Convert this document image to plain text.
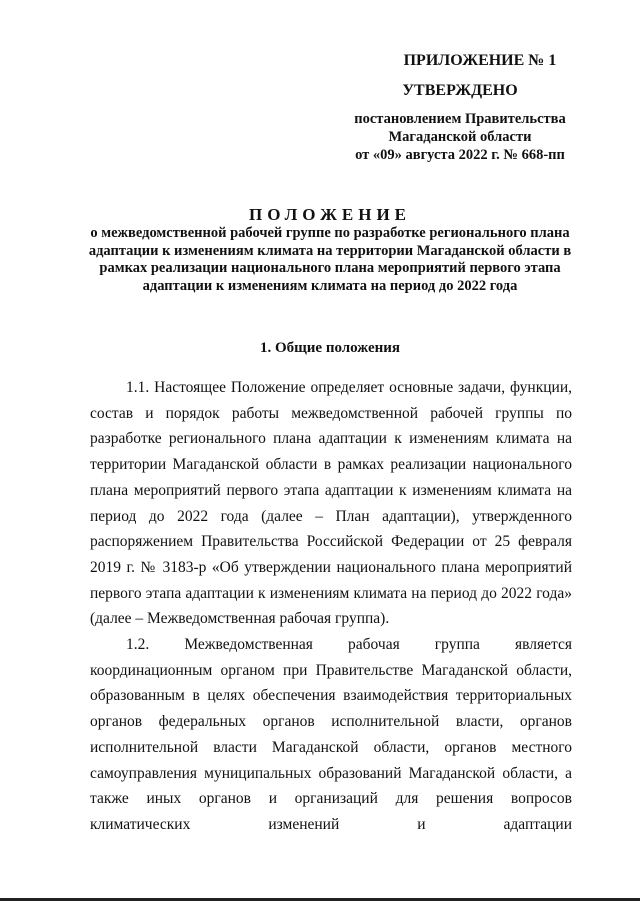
ПРИЛОЖЕНИЕ № 1
УТВЕРЖДЕНО
постановлением Правительства
Магаданской области
от «09» августа 2022 г. № 668-пп
ПОЛОЖЕНИЕ
о межведомственной рабочей группе по разработке регионального плана адаптации к изменениям климата на территории Магаданской области в рамках реализации национального плана мероприятий первого этапа адаптации к изменениям климата на период до 2022 года
1. Общие положения

1.1. Настоящее Положение определяет основные задачи, функции, состав и порядок работы межведомственной рабочей группы по разработке регионального плана адаптации к изменениям климата на территории Магаданской области в рамках реализации национального плана мероприятий первого этапа адаптации к изменениям климата на период до 2022 года (далее – План адаптации), утвержденного распоряжением Правительства Российской Федерации от 25 февраля 2019 г. № 3183-р «Об утверждении национального плана мероприятий первого этапа адаптации к изменениям климата на период до 2022 года» (далее – Межведомственная рабочая группа).

1.2. Межведомственная рабочая группа является координационным органом при Правительстве Магаданской области, образованным в целях обеспечения взаимодействия территориальных органов федеральных органов исполнительной власти, органов исполнительной власти Магаданской области, органов местного самоуправления муниципальных образований Магаданской области, а также иных органов и организаций для решения вопросов климатических изменений и адаптации
